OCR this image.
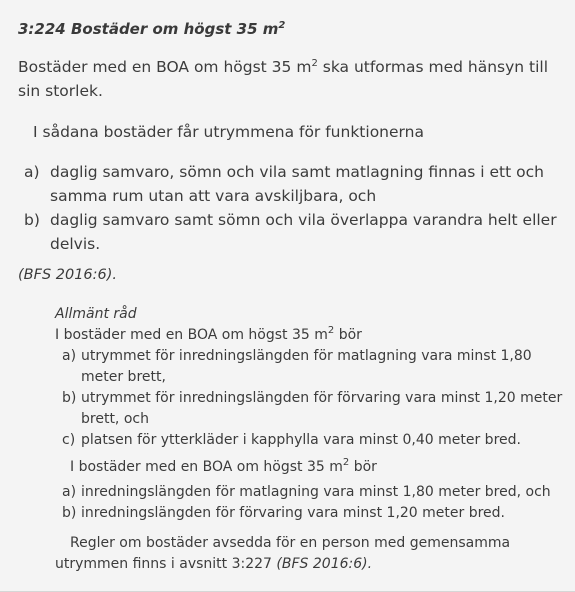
3:224 Bostäder om högst 35 $m^2$

Bostäder med en BOA om högst 35 $m^2$ ska utformas med hänsyn till sin storlek.

I sådana bostäder får utrymmena för funktionerna

a) daglig samvaro, sömn och vila samt matlagning finnas i ett och samma rum utan att vara avskiljbara, och
b) daglig samvaro samt sömn och vila överlappa varandra helt eller delvis.

(BFS 2016:6).

Allmänt råd

I bostäder med en BOA om högst 35 $m^2$ bör

a) utrymmet för inredningslängden för matlagning vara minst 1,80 meter brett,
b) utrymmet för inredningslängden för förvaring vara minst 1,20 meter brett, och
c) platsen för ytterkläder i kapphylla vara minst 0,40 meter bred.

I bostäder med en BOA om högst 35 $m^2$ bör

a) inredningslängden för matlagning vara minst 1,80 meter bred, och
b) inredningslängden för förvaring vara minst 1,20 meter bred.

Regler om bostäder avsedda för en person med gemensamma

utrymmen finns i avsnitt 3:227 (BFS 2016:6).
